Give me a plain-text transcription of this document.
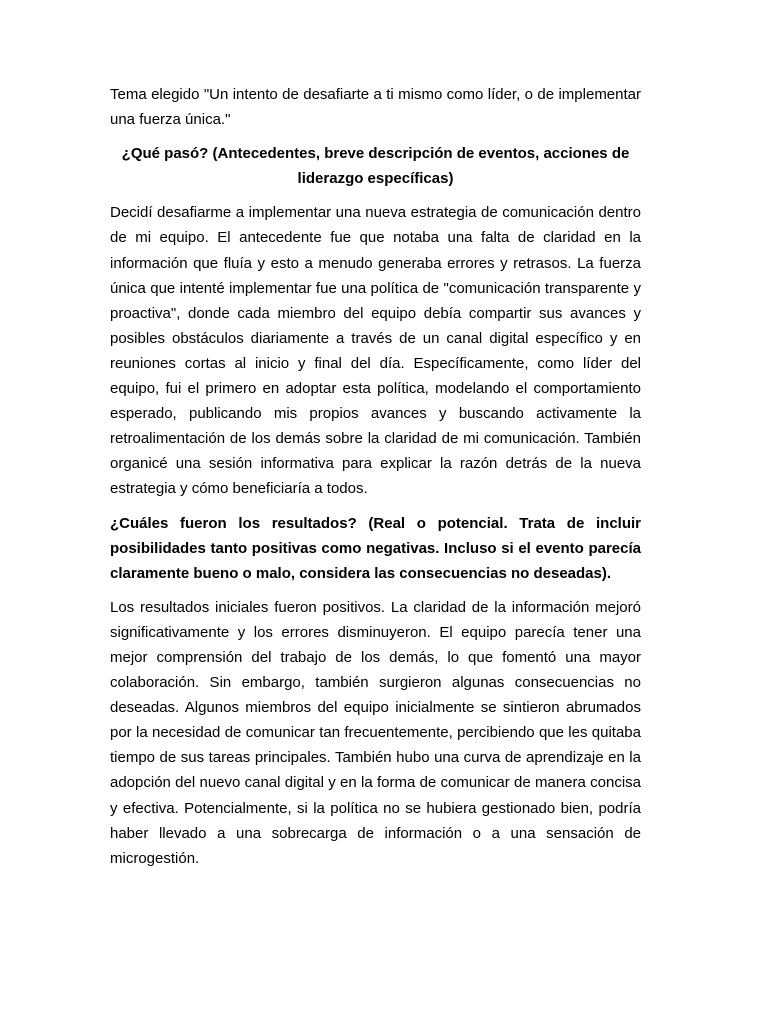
Tema elegido "Un intento de desafiarte a ti mismo como líder, o de implementar una fuerza única."

¿Qué pasó? (Antecedentes, breve descripción de eventos, acciones de liderazgo específicas)

Decidí desafiarme a implementar una nueva estrategia de comunicación dentro de mi equipo. El antecedente fue que notaba una falta de claridad en la información que fluía y esto a menudo generaba errores y retrasos. La fuerza única que intenté implementar fue una política de "comunicación transparente y proactiva", donde cada miembro del equipo debía compartir sus avances y posibles obstáculos diariamente a través de un canal digital específico y en reuniones cortas al inicio y final del día. Específicamente, como líder del equipo, fui el primero en adoptar esta política, modelando el comportamiento esperado, publicando mis propios avances y buscando activamente la retroalimentación de los demás sobre la claridad de mi comunicación. También organicé una sesión informativa para explicar la razón detrás de la nueva estrategia y cómo beneficiaría a todos.

¿Cuáles fueron los resultados? (Real o potencial. Trata de incluir posibilidades tanto positivas como negativas. Incluso si el evento parecía claramente bueno o malo, considera las consecuencias no deseadas).

Los resultados iniciales fueron positivos. La claridad de la información mejoró significativamente y los errores disminuyeron. El equipo parecía tener una mejor comprensión del trabajo de los demás, lo que fomentó una mayor colaboración. Sin embargo, también surgieron algunas consecuencias no deseadas. Algunos miembros del equipo inicialmente se sintieron abrumados por la necesidad de comunicar tan frecuentemente, percibiendo que les quitaba tiempo de sus tareas principales. También hubo una curva de aprendizaje en la adopción del nuevo canal digital y en la forma de comunicar de manera concisa y efectiva. Potencialmente, si la política no se hubiera gestionado bien, podría haber llevado a una sobrecarga de información o a una sensación de microgestión.
